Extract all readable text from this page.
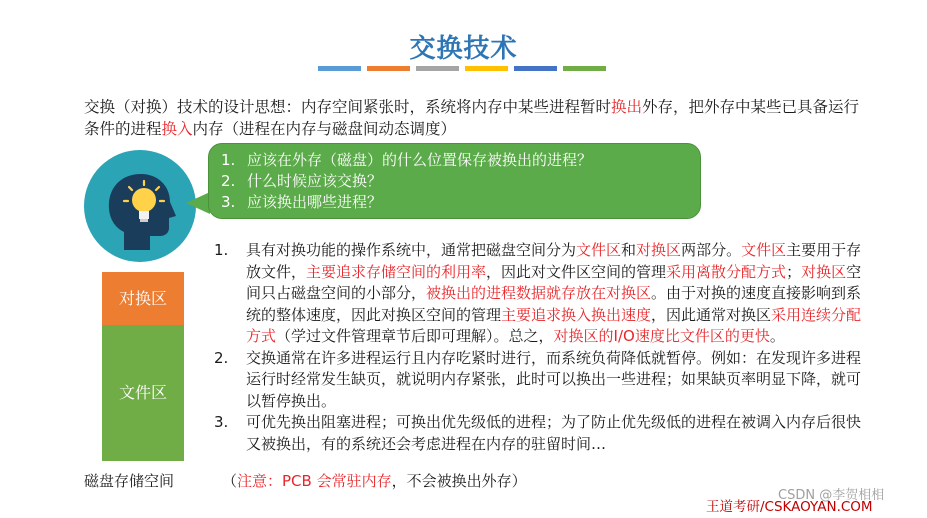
交换技术
交换（对换）技术的设计思想：内存空间紧张时，系统将内存中某些进程暂时换出外存，把外存中某些已具备运行条件的进程换入内存（进程在内存与磁盘间动态调度）
1. 应该在外存（磁盘）的什么位置保存被换出的进程？
2. 什么时候应该交换？
3. 应该换出哪些进程？
对换区
文件区
磁盘存储空间
1. 具有对换功能的操作系统中，通常把磁盘空间分为文件区和对换区两部分。文件区主要用于存放文件，主要追求存储空间的利用率，因此对文件区空间的管理采用离散分配方式；对换区空间只占磁盘空间的小部分，被换出的进程数据就存放在对换区。由于对换的速度直接影响到系统的整体速度，因此对换区空间的管理主要追求换入换出速度，因此通常对换区采用连续分配方式（学过文件管理章节后即可理解）。总之，对换区的I/O速度比文件区的更快。
2. 交换通常在许多进程运行且内存吃紧时进行，而系统负荷降低就暂停。例如：在发现许多进程运行时经常发生缺页，就说明内存紧张，此时可以换出一些进程；如果缺页率明显下降，就可以暂停换出。
3. 可优先换出阻塞进程；可换出优先级低的进程；为了防止优先级低的进程在被调入内存后很快又被换出，有的系统还会考虑进程在内存的驻留时间…
（注意：PCB 会常驻内存，不会被换出外存）
王道考研/CSKAOYAN.COM
CSDN @李贺相相
